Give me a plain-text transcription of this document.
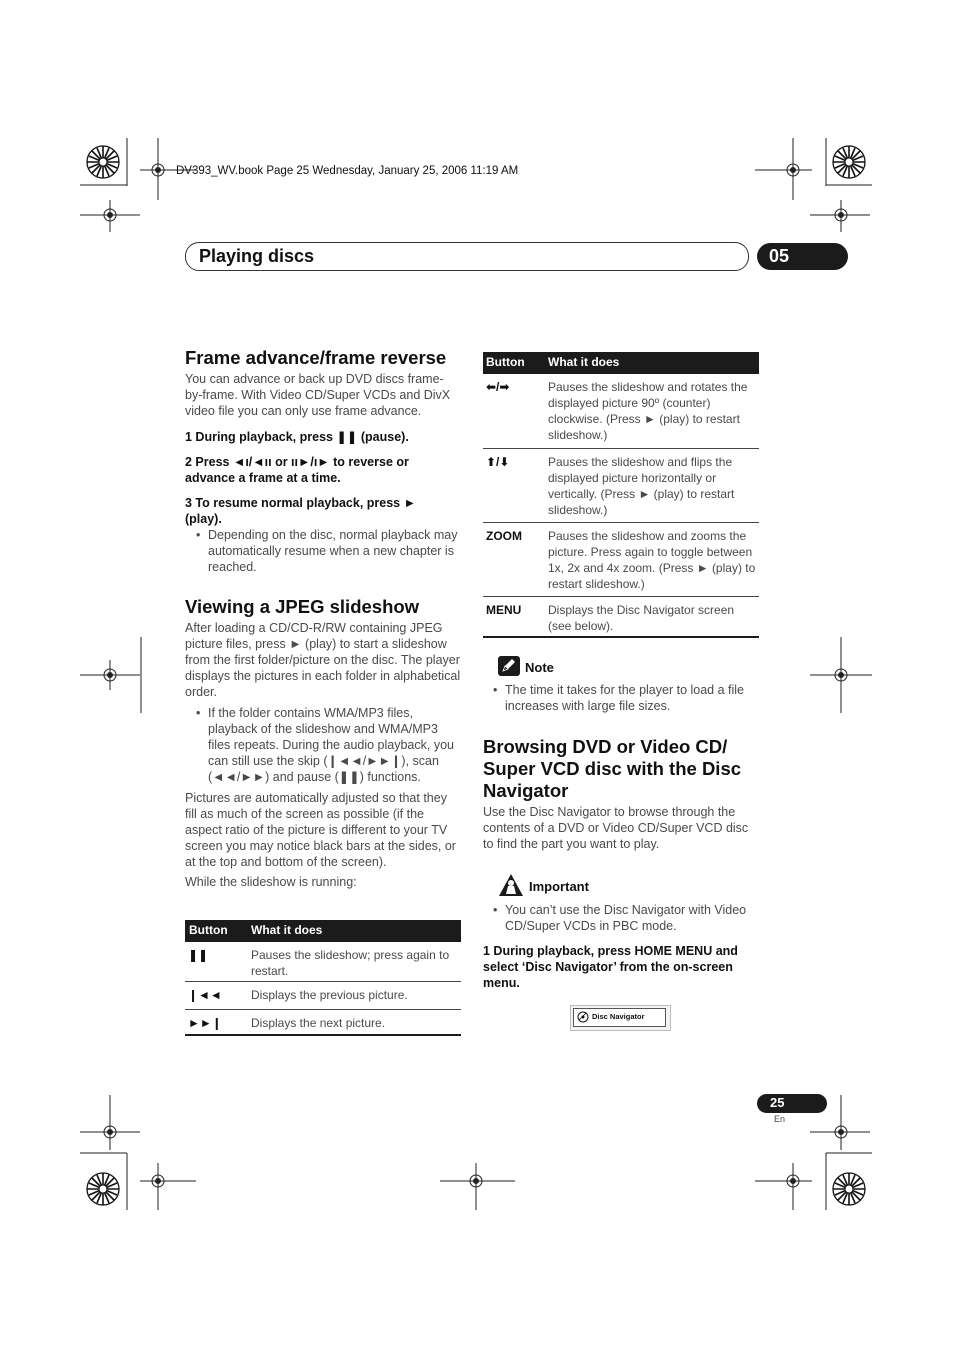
DV393_WV.book Page 25 Wednesday, January 25, 2006 11:19 AM
Playing discs	05
Frame advance/frame reverse

You can advance or back up DVD discs frame-by-frame. With Video CD/Super VCDs and DivX video file you can only use frame advance.

1 During playback, press ❚❚ (pause).

2 Press ◄ı/◄ıı or ıı►/ı► to reverse or advance a frame at a time.

3 To resume normal playback, press ► (play).

• Depending on the disc, normal playback may automatically resume when a new chapter is reached.

Viewing a JPEG slideshow

After loading a CD/CD-R/RW containing JPEG picture files, press ► (play) to start a slideshow from the first folder/picture on the disc. The player displays the pictures in each folder in alphabetical order.

• If the folder contains WMA/MP3 files, playback of the slideshow and WMA/MP3 files repeats. During the audio playback, you can still use the skip (❙◄◄/►►❙), scan (◄◄/►►) and pause (❚❚) functions.

Pictures are automatically adjusted so that they fill as much of the screen as possible (if the aspect ratio of the picture is different to your TV screen you may notice black bars at the sides, or at the top and bottom of the screen).

While the slideshow is running:

Button What it does
❚❚	Pauses the slideshow; press again to restart.
❙◄◄ Displays the previous picture.
►►❙ Displays the next picture.
Button What it does
⬅/➡	Pauses the slideshow and rotates the displayed picture 90º (counter) clockwise. (Press ► (play) to restart slideshow.)
⬆/⬇	Pauses the slideshow and flips the displayed picture horizontally or vertically. (Press ► (play) to restart slideshow.)
ZOOM Pauses the slideshow and zooms the picture. Press again to toggle between 1x, 2x and 4x zoom. (Press ► (play) to restart slideshow.)
MENU Displays the Disc Navigator screen (see below).
Note

• The time it takes for the player to load a file increases with large file sizes.

Browsing DVD or Video CD/ Super VCD disc with the Disc Navigator

Use the Disc Navigator to browse through the contents of a DVD or Video CD/Super VCD disc to find the part you want to play.

Important

• You can’t use the Disc Navigator with Video CD/Super VCDs in PBC mode.

1 During playback, press HOME MENU and select ‘Disc Navigator’ from the on-screen menu.

Disc Navigator
25
En
